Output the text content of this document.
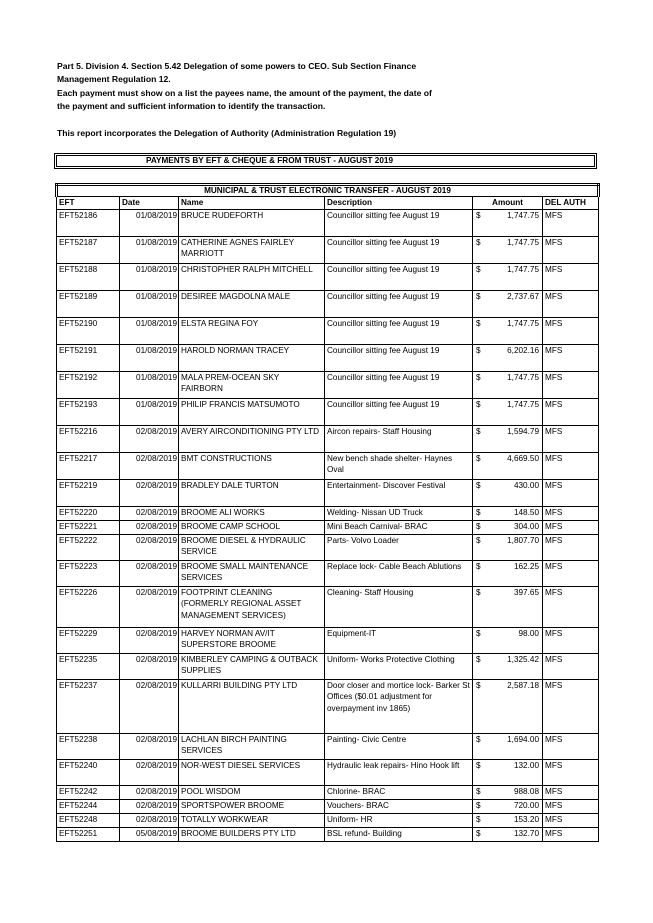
Part 5. Division 4. Section 5.42 Delegation of some powers to CEO. Sub Section Finance

Management Regulation 12.

Each payment must show on a list the payees name, the amount of the payment, the date of

the payment and sufficient information to identify the transaction.

This report incorporates the Delegation of Authority (Administration Regulation 19)

PAYMENTS BY EFT & CHEQUE & FROM TRUST - AUGUST 2019
MUNICIPAL & TRUST ELECTRONIC TRANSFER - AUGUST 2019						
EFT	Date	Name	Description	Amount		DEL AUTH
EFT52186	01/08/2019	BRUCE RUDEFORTH	Councillor sitting fee August 19	$	1,747.75	MFS
EFT52187	01/08/2019	CATHERINE AGNES FAIRLEY MARRIOTT	Councillor sitting fee August 19	$	1,747.75	MFS
EFT52188	01/08/2019	CHRISTOPHER RALPH MITCHELL	Councillor sitting fee August 19	$	1,747.75	MFS
EFT52189	01/08/2019	DESIREE MAGDOLNA MALE	Councillor sitting fee August 19	$	2,737.67	MFS
EFT52190	01/08/2019	ELSTA REGINA FOY	Councillor sitting fee August 19	$	1,747.75	MFS
EFT52191	01/08/2019	HAROLD NORMAN TRACEY	Councillor sitting fee August 19	$	6,202.16	MFS
EFT52192	01/08/2019	MALA PREM-OCEAN SKY FAIRBORN	Councillor sitting fee August 19	$	1,747.75	MFS
EFT52193	01/08/2019	PHILIP FRANCIS MATSUMOTO	Councillor sitting fee August 19	$	1,747.75	MFS
EFT52216	02/08/2019	AVERY AIRCONDITIONING PTY LTD	Aircon repairs- Staff Housing	$	1,594.79	MFS
EFT52217	02/08/2019	BMT CONSTRUCTIONS	New bench shade shelter- Haynes Oval	$	4,669.50	MFS
EFT52219	02/08/2019	BRADLEY DALE TURTON	Entertainment- Discover Festival	$	430.00	MFS
EFT52220	02/08/2019	BROOME ALI WORKS	Welding- Nissan UD Truck	$	148.50	MFS
EFT52221	02/08/2019	BROOME CAMP SCHOOL	Mini Beach Carnival- BRAC	$	304.00	MFS
EFT52222	02/08/2019	BROOME DIESEL & HYDRAULIC SERVICE	Parts- Volvo Loader	$	1,807.70	MFS
EFT52223	02/08/2019	BROOME SMALL MAINTENANCE SERVICES	Replace lock- Cable Beach Ablutions	$	162.25	MFS
EFT52226	02/08/2019	FOOTPRINT CLEANING (FORMERLY REGIONAL ASSET MANAGEMENT SERVICES)	Cleaning- Staff Housing	$	397.65	MFS
EFT52229	02/08/2019	HARVEY NORMAN AV/IT SUPERSTORE BROOME	Equipment-IT	$	98.00	MFS
EFT52235	02/08/2019	KIMBERLEY CAMPING & OUTBACK SUPPLIES	Uniform- Works Protective Clothing	$	1,325.42	MFS
EFT52237	02/08/2019	KULLARRI BUILDING PTY LTD	Door closer and mortice lock- Barker St Offices ($0.01 adjustment for overpayment inv 1865)	$	2,587.18	MFS
EFT52238	02/08/2019	LACHLAN BIRCH PAINTING SERVICES	Painting- Civic Centre	$	1,694.00	MFS
EFT52240	02/08/2019	NOR-WEST DIESEL SERVICES	Hydraulic leak repairs- Hino Hook lift	$	132.00	MFS
EFT52242	02/08/2019	POOL WISDOM	Chlorine- BRAC	$	988.08	MFS
EFT52244	02/08/2019	SPORTSPOWER BROOME	Vouchers- BRAC	$	720.00	MFS
EFT52248	02/08/2019	TOTALLY WORKWEAR	Uniform- HR	$	153.20	MFS
EFT52251	05/08/2019	BROOME BUILDERS PTY LTD	BSL refund- Building	$	132.70	MFS
